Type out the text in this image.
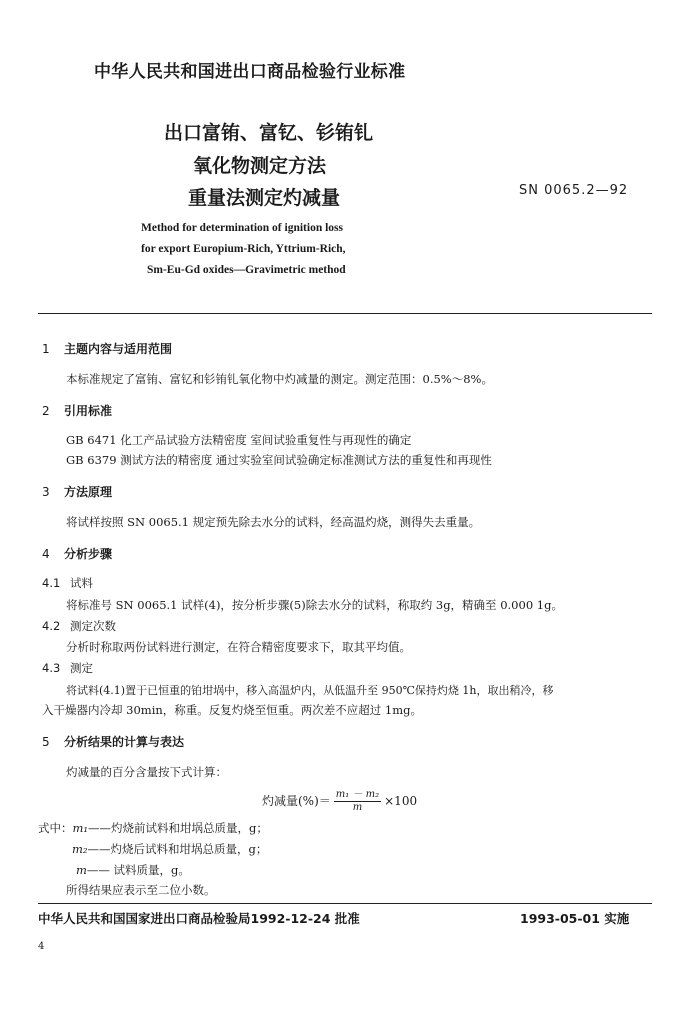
中华人民共和国进出口商品检验行业标准
出口富铕、富钇、钐铕钆
氧化物测定方法
重量法测定灼减量	SN 0065.2—92
Method for determination of ignition loss
for export Europium-Rich, Yttrium-Rich,
Sm-Eu-Gd oxides—Gravimetric method
1 主题内容与适用范围
本标准规定了富铕、富钇和钐铕钆氧化物中灼减量的测定。测定范围：0.5%～8%。
2 引用标准
GB 6471 化工产品试验方法精密度 室间试验重复性与再现性的确定
GB 6379 测试方法的精密度 通过实验室间试验确定标准测试方法的重复性和再现性
3 方法原理
将试样按照 SN 0065.1 规定预先除去水分的试料，经高温灼烧，测得失去重量。
4 分析步骤
4.1 试料
将标准号 SN 0065.1 试样(4)，按分析步骤(5)除去水分的试料，称取约 3g，精确至 0.000 1g。
4.2 测定次数
分析时称取两份试料进行测定，在符合精密度要求下，取其平均值。
4.3 测定
将试料(4.1)置于已恒重的铂坩埚中，移入高温炉内，从低温升至 950℃保持灼烧 1h，取出稍冷，移
入干燥器内冷却 30min，称重。反复灼烧至恒重。两次差不应超过 1mg。
5 分析结果的计算与表达
灼减量的百分含量按下式计算：
灼减量(%)＝ $\frac{\text{m₁ － m₂}}{m} \times 100$
式中：m₁——灼烧前试料和坩埚总质量，g；
m₂——灼烧后试料和坩埚总质量，g；
m—— 试料质量，g。
所得结果应表示至二位小数。
中华人民共和国国家进出口商品检验局1992-12-24 批准	1993-05-01 实施
4
